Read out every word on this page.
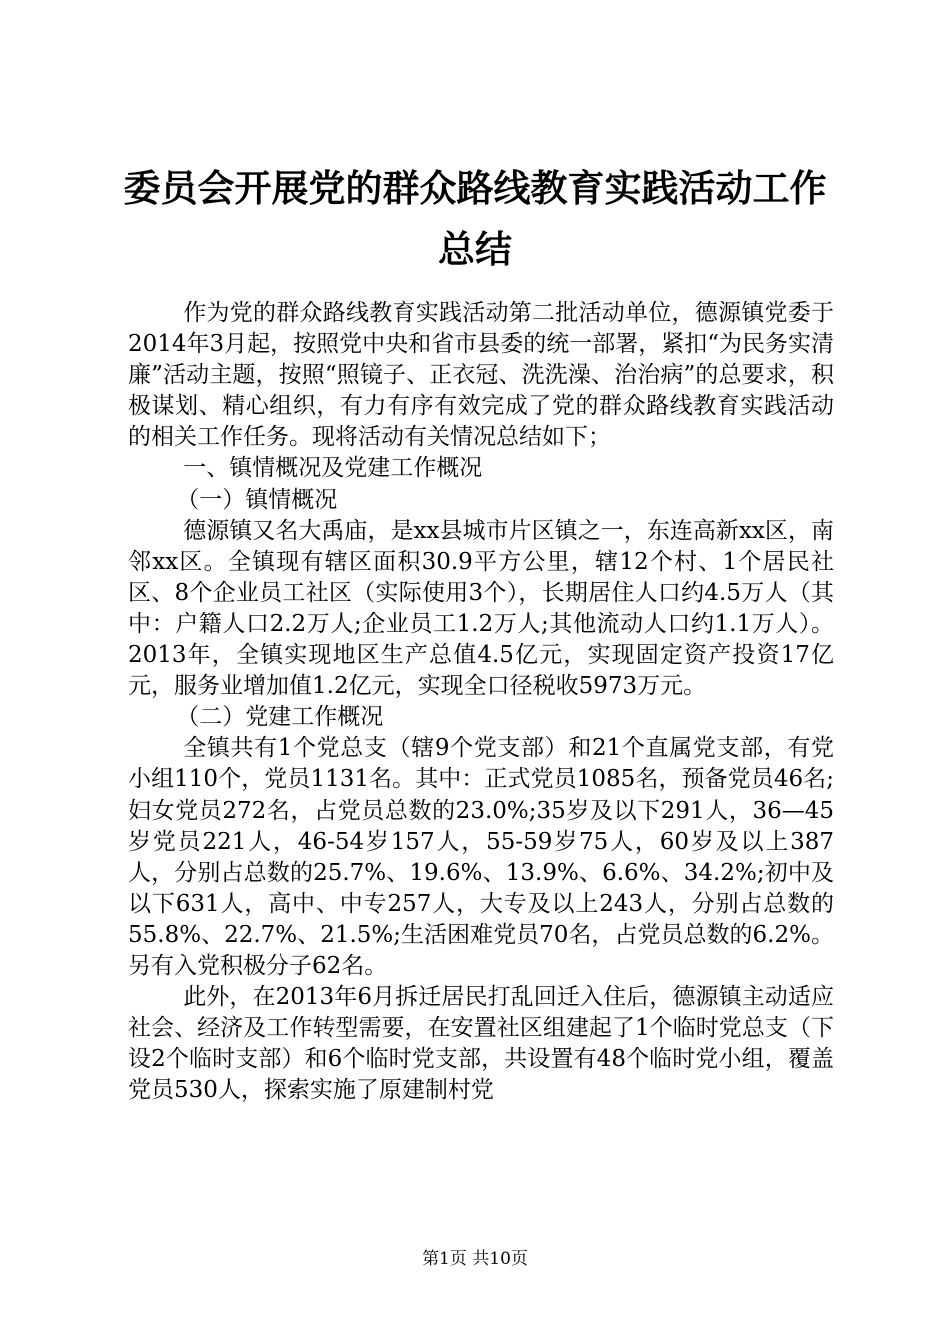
委员会开展党的群众路线教育实践活动工作总结

作为党的群众路线教育实践活动第二批活动单位，德源镇党委于2014年3月起，按照党中央和省市县委的统一部署，紧扣“为民务实清廉”活动主题，按照“照镜子、正衣冠、洗洗澡、治治病”的总要求，积极谋划、精心组织，有力有序有效完成了党的群众路线教育实践活动的相关工作任务。现将活动有关情况总结如下；

一、镇情概况及党建工作概况

（一）镇情概况

德源镇又名大禹庙，是xx县城市片区镇之一，东连高新xx区，南邻xx区。全镇现有辖区面积30.9平方公里，辖12个村、1个居民社区、8个企业员工社区（实际使用3个），长期居住人口约4.5万人（其中：户籍人口2.2万人;企业员工1.2万人;其他流动人口约1.1万人）。2013年，全镇实现地区生产总值4.5亿元，实现固定资产投资17亿元，服务业增加值1.2亿元，实现全口径税收5973万元。

（二）党建工作概况

全镇共有1个党总支（辖9个党支部）和21个直属党支部，有党小组110个，党员1131名。其中：正式党员1085名，预备党员46名;妇女党员272名，占党员总数的23.0%;35岁及以下291人，36—45岁党员221人，46-54岁157人，55-59岁75人，60岁及以上387人，分别占总数的25.7%、19.6%、13.9%、6.6%、34.2%;初中及以下631人，高中、中专257人，大专及以上243人，分别占总数的55.8%、22.7%、21.5%;生活困难党员70名，占党员总数的6.2%。另有入党积极分子62名。

此外，在2013年6月拆迁居民打乱回迁入住后，德源镇主动适应社会、经济及工作转型需要，在安置社区组建起了1个临时党总支（下设2个临时支部）和6个临时党支部，共设置有48个临时党小组，覆盖党员530人，探索实施了原建制村党

第1页 共10页
